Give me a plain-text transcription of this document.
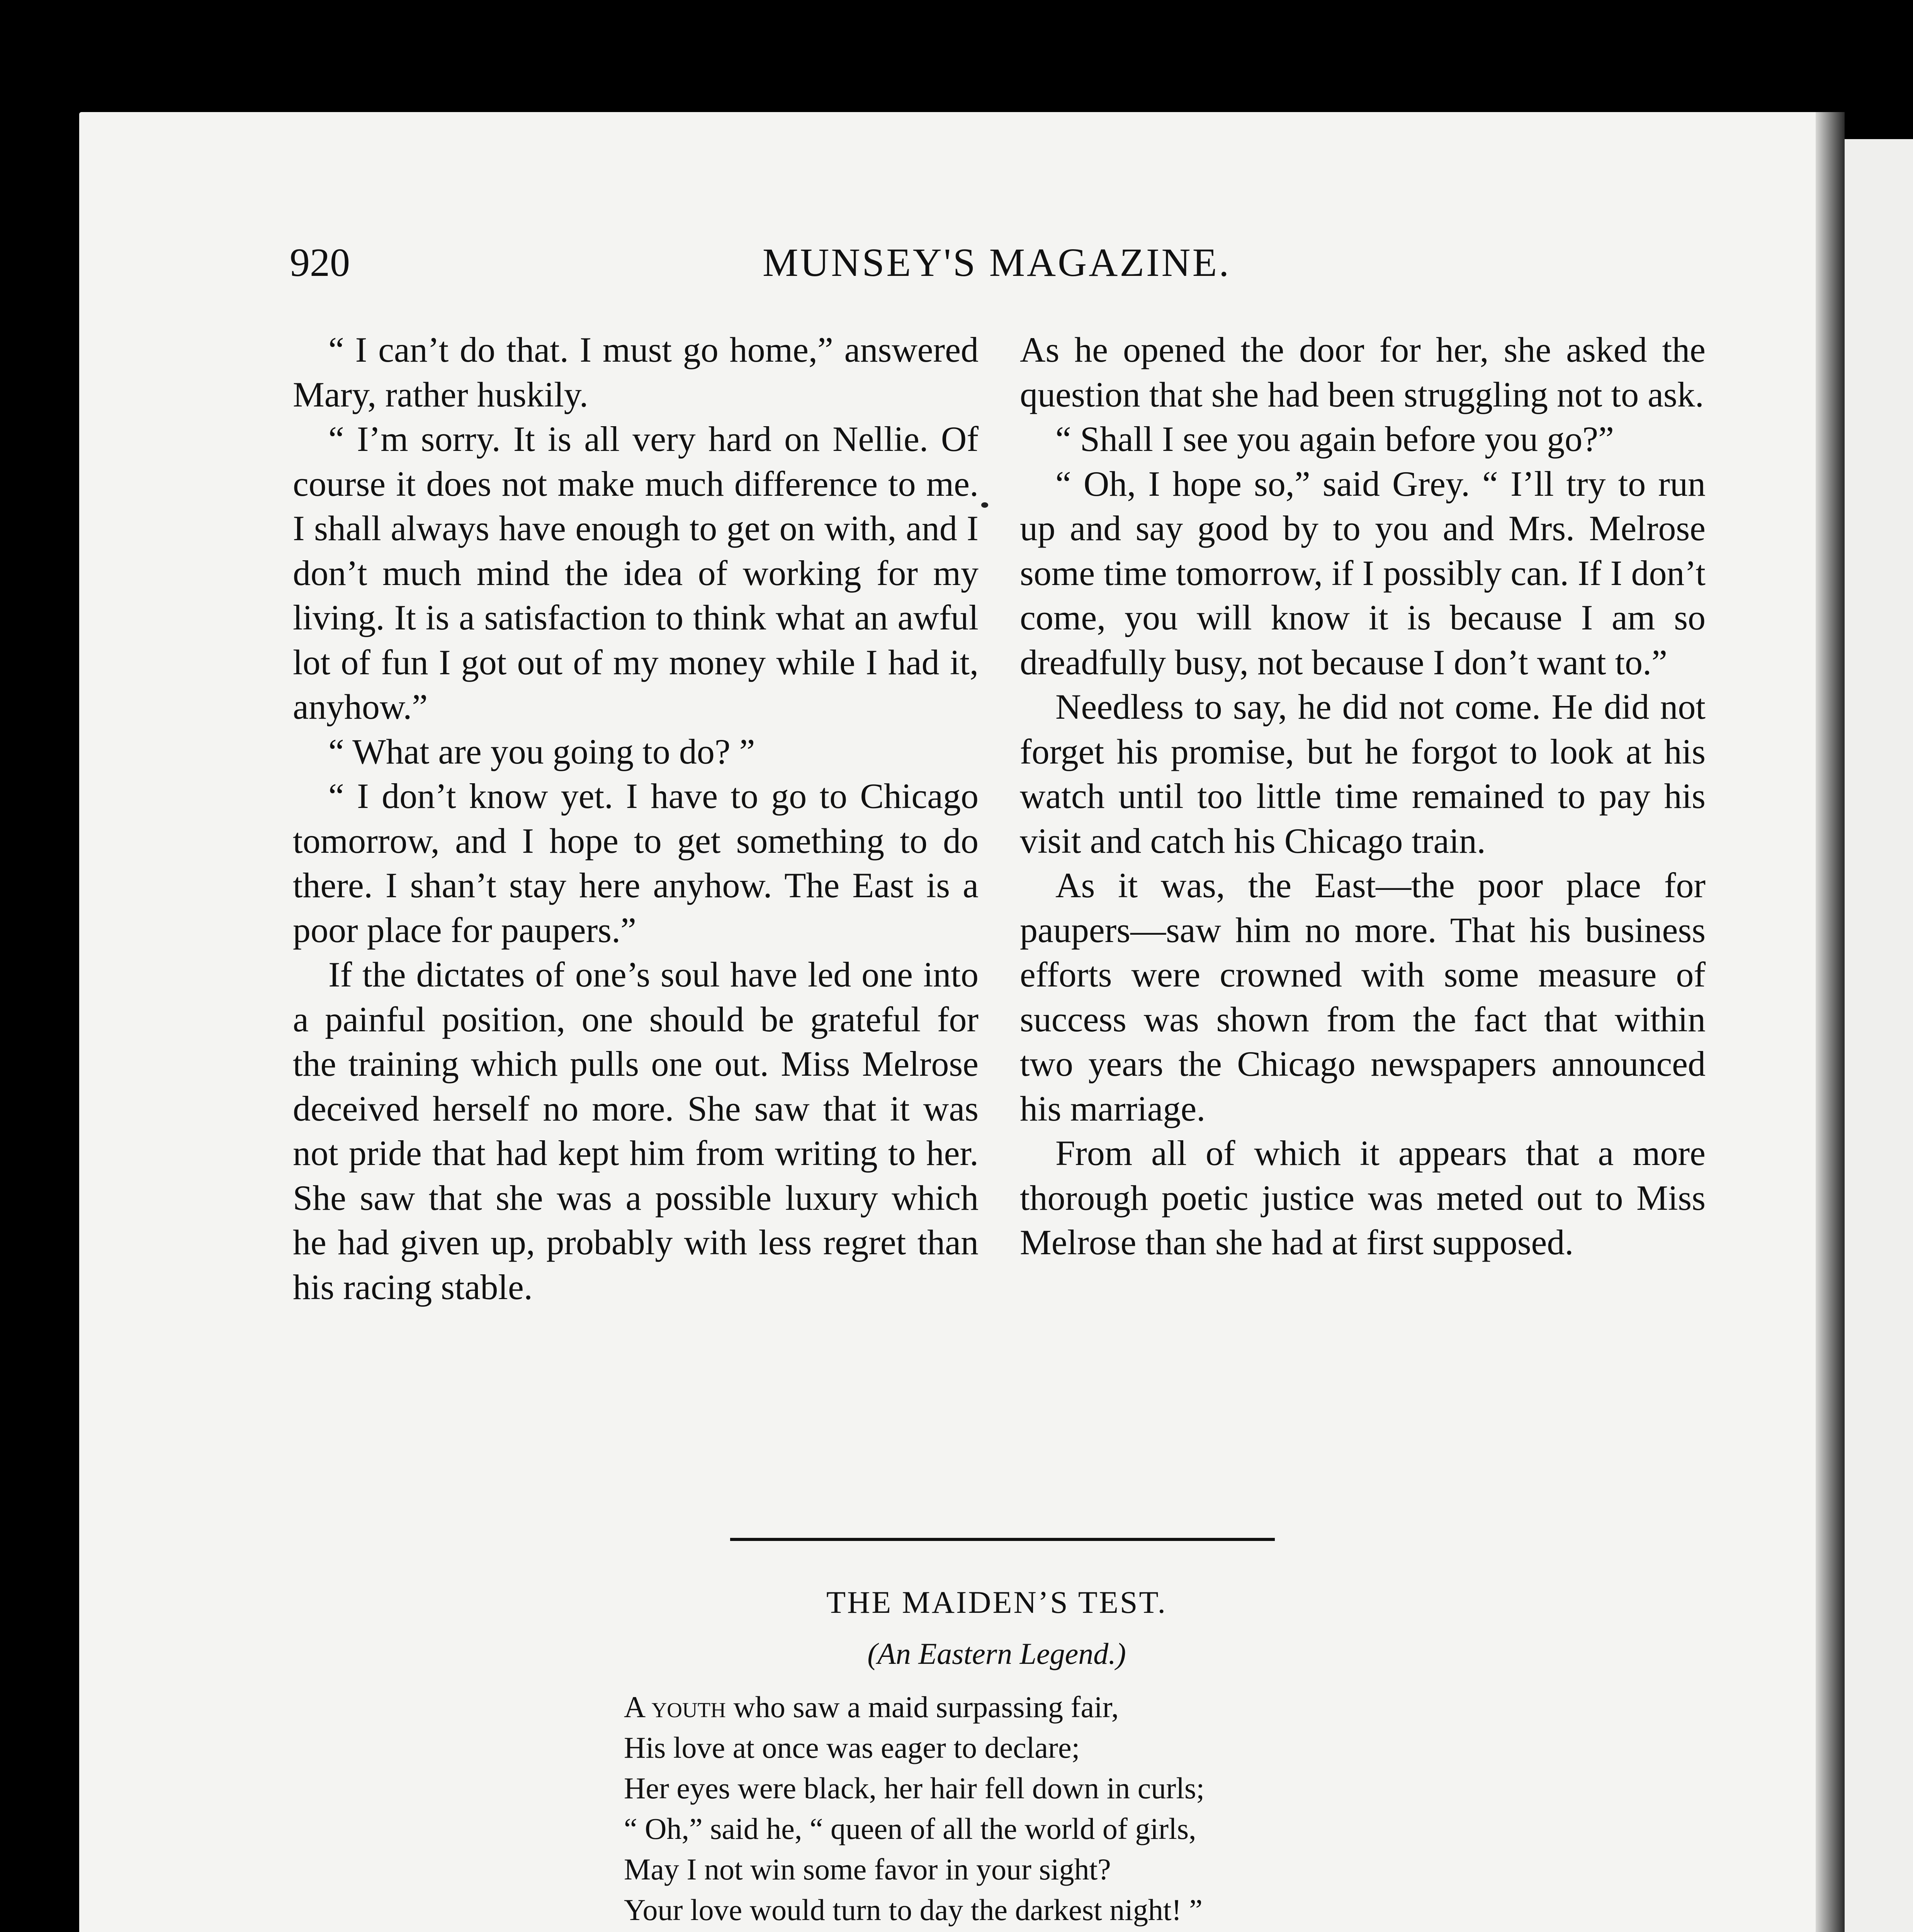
920	MUNSEY'S MAGAZINE.

“ I can’t do that. I must go home,” answered Mary, rather huskily.

“ I’m sorry. It is all very hard on Nellie. Of course it does not make much difference to me. I shall always have enough to get on with, and I don’t much mind the idea of working for my living. It is a satisfaction to think what an awful lot of fun I got out of my money while I had it, anyhow.”

“ What are you going to do? ”

“ I don’t know yet. I have to go to Chicago tomorrow, and I hope to get something to do there. I shan’t stay here anyhow. The East is a poor place for paupers.”

If the dictates of one’s soul have led one into a painful position, one should be grateful for the training which pulls one out. Miss Melrose deceived herself no more. She saw that it was not pride that had kept him from writing to her. She saw that she was a possible luxury which he had given up, probably with less regret than his racing stable.

As he opened the door for her, she asked the question that she had been struggling not to ask.

“ Shall I see you again before you go?”

“ Oh, I hope so,” said Grey. “ I’ll try to run up and say good by to you and Mrs. Melrose some time tomorrow, if I possibly can. If I don’t come, you will know it is because I am so dreadfully busy, not because I don’t want to.”

Needless to say, he did not come. He did not forget his promise, but he forgot to look at his watch until too little time remained to pay his visit and catch his Chicago train.

As it was, the East—the poor place for paupers—saw him no more. That his business efforts were crowned with some measure of success was shown from the fact that within two years the Chicago newspapers announced his marriage.

From all of which it appears that a more thorough poetic justice was meted out to Miss Melrose than she had at first supposed.

THE MAIDEN’S TEST.
(An Eastern Legend.)
A youth who saw a maid surpassing fair,
His love at once was eager to declare;
Her eyes were black, her hair fell down in curls;
“ Oh,” said he, “ queen of all the world of girls,
May I not win some favor in your sight?
Your love would turn to day the darkest night! ”
